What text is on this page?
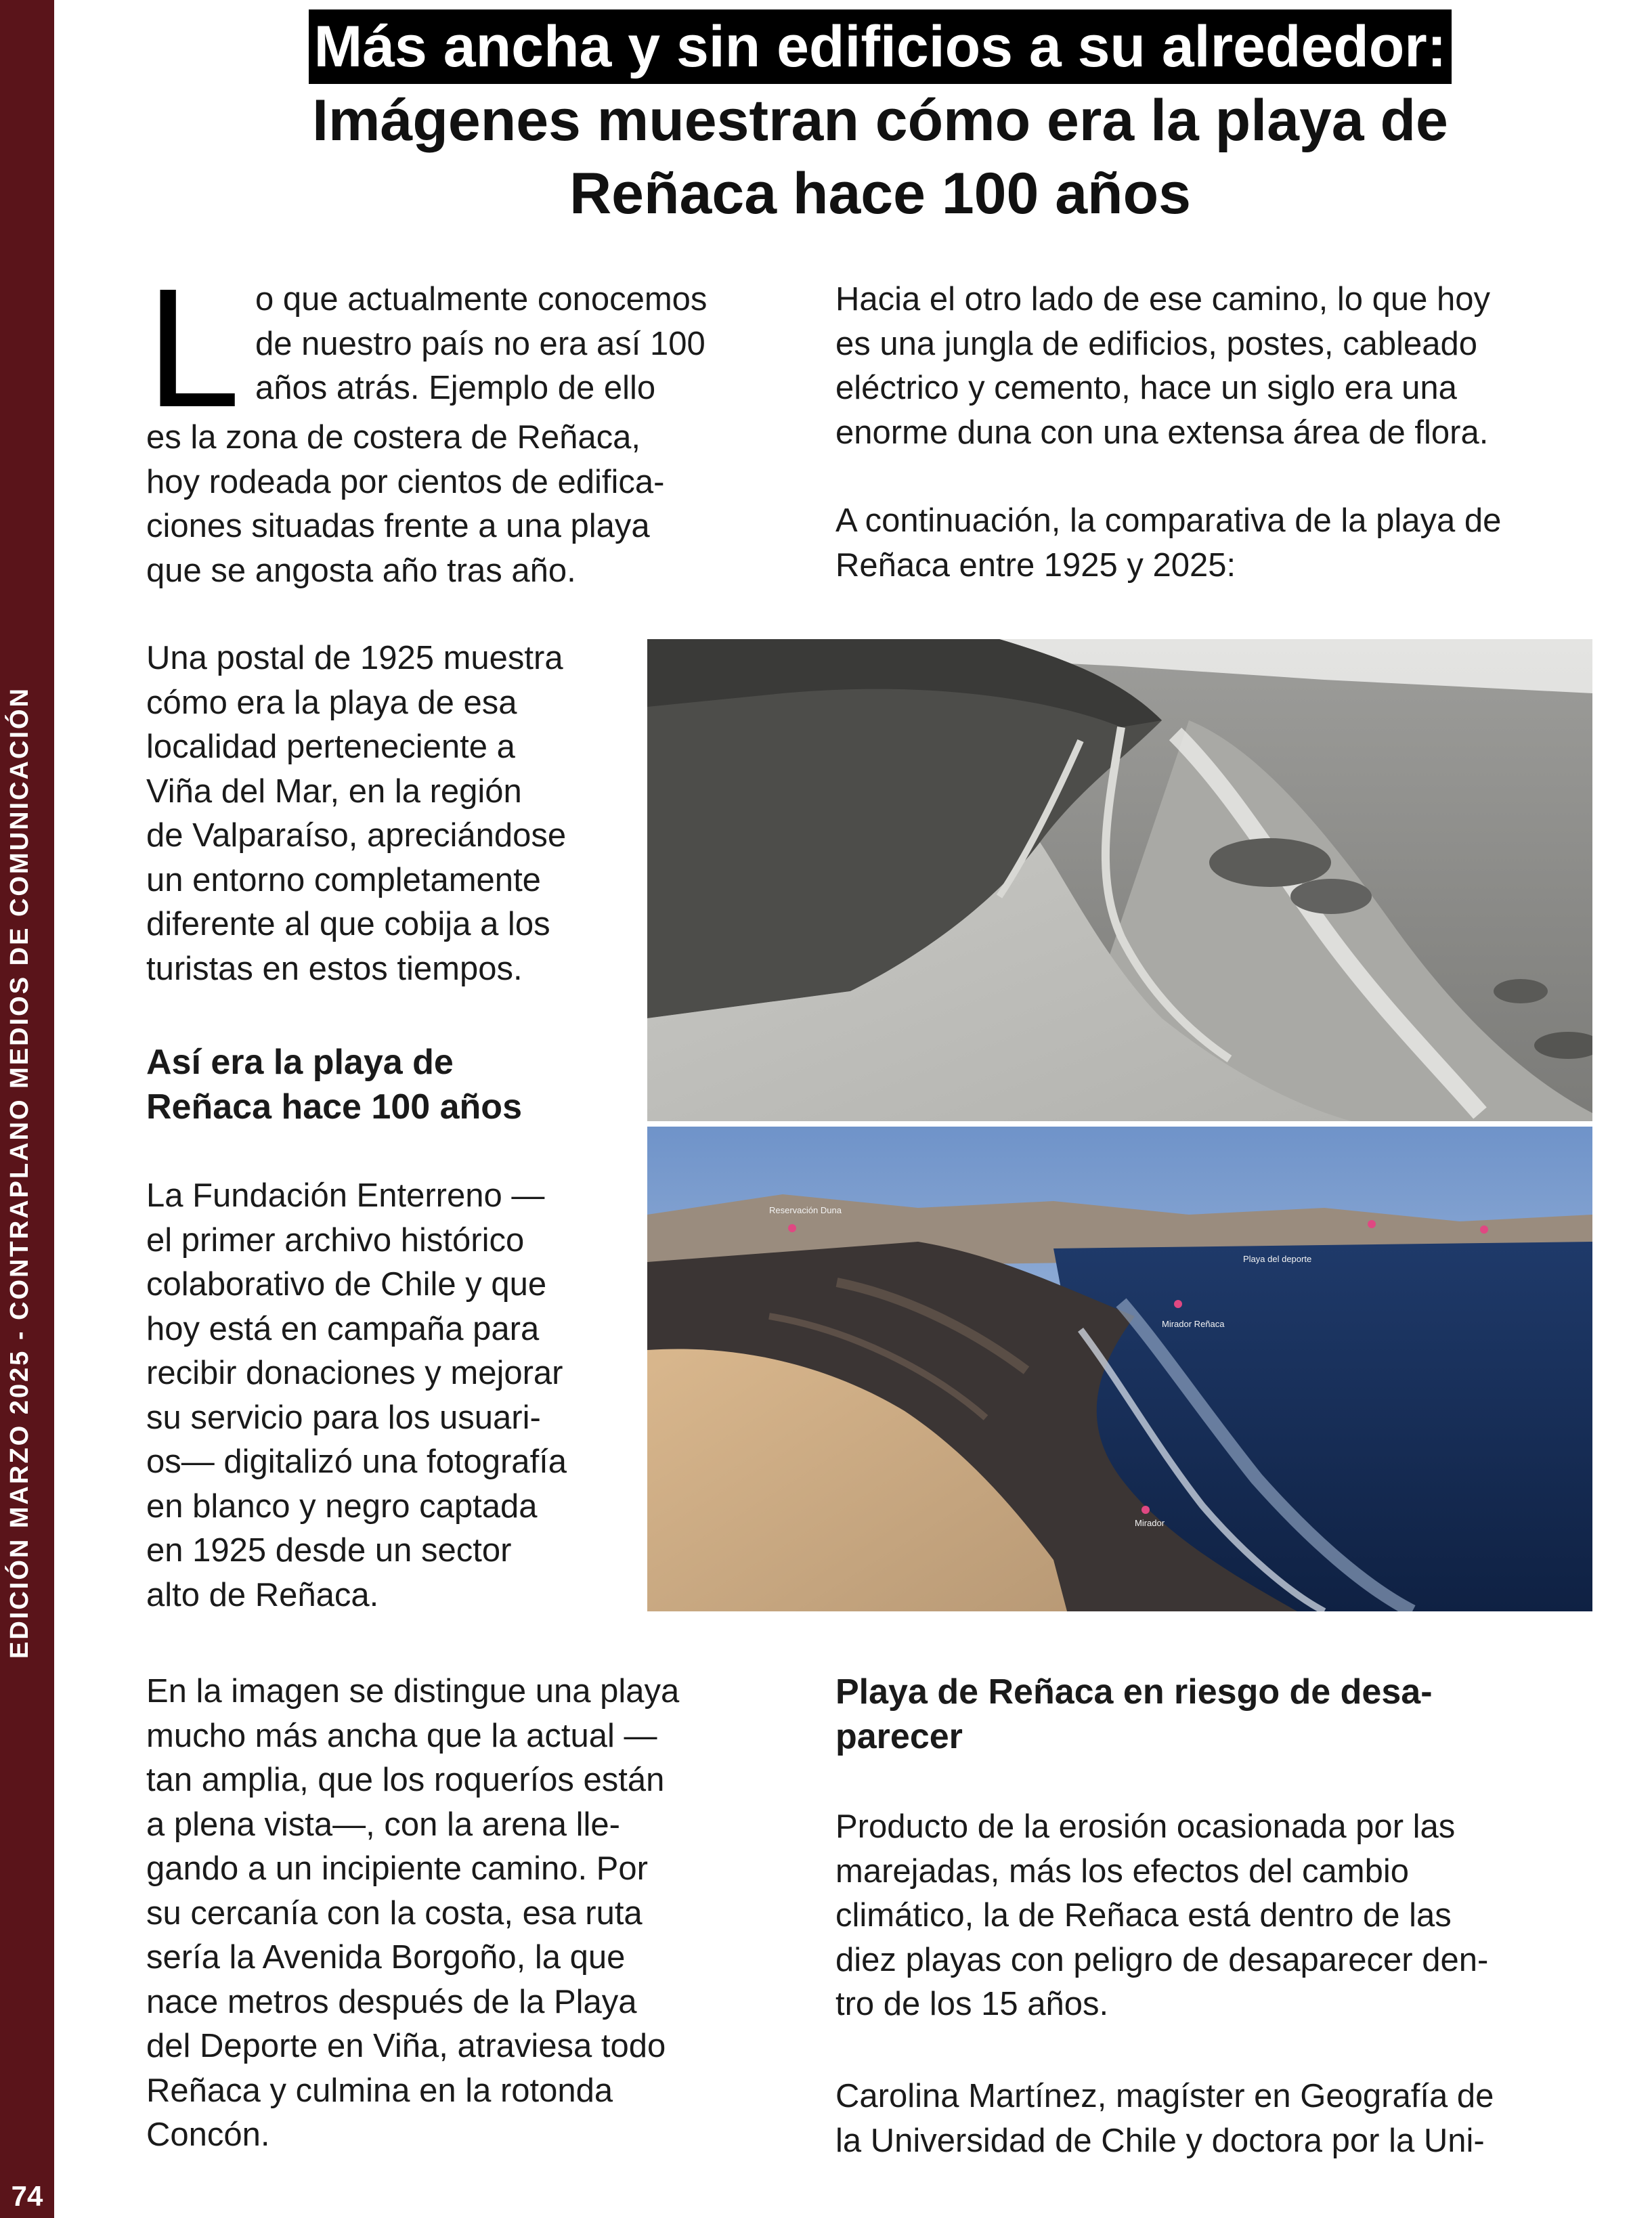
EDICIÓN MARZO 2025 - CONTRAPLANO MEDIOS DE COMUNICACIÓN
74
Más ancha y sin edificios a su alrededor:
Imágenes muestran cómo era la playa de
Reñaca hace 100 años
L o que actualmente conocemos
de nuestro país no era así 100
años atrás. Ejemplo de ello
es la zona de costera de Reñaca,
hoy rodeada por cientos de edifica-
ciones situadas frente a una playa
que se angosta año tras año.
Hacia el otro lado de ese camino, lo que hoy
es una jungla de edificios, postes, cableado
eléctrico y cemento, hace un siglo era una
enorme duna con una extensa área de flora.
A continuación, la comparativa de la playa de
Reñaca entre 1925 y 2025:
Una postal de 1925 muestra
cómo era la playa de esa
localidad perteneciente a
Viña del Mar, en la región
de Valparaíso, apreciándose
un entorno completamente
diferente al que cobija a los
turistas en estos tiempos.
Así era la playa de
Reñaca hace 100 años
La Fundación Enterreno —
el primer archivo histórico
colaborativo de Chile y que
hoy está en campaña para
recibir donaciones y mejorar
su servicio para los usuari-
os— digitalizó una fotografía
en blanco y negro captada
en 1925 desde un sector
alto de Reñaca.
Reservación Duna
Playa del deporte
Mirador Reñaca
Mirador
En la imagen se distingue una playa
mucho más ancha que la actual —
tan amplia, que los roqueríos están
a plena vista—, con la arena lle-
gando a un incipiente camino. Por
su cercanía con la costa, esa ruta
sería la Avenida Borgoño, la que
nace metros después de la Playa
del Deporte en Viña, atraviesa todo
Reñaca y culmina en la rotonda
Concón.
Playa de Reñaca en riesgo de desa-
parecer
Producto de la erosión ocasionada por las
marejadas, más los efectos del cambio
climático, la de Reñaca está dentro de las
diez playas con peligro de desaparecer den-
tro de los 15 años.
Carolina Martínez, magíster en Geografía de
la Universidad de Chile y doctora por la Uni-
